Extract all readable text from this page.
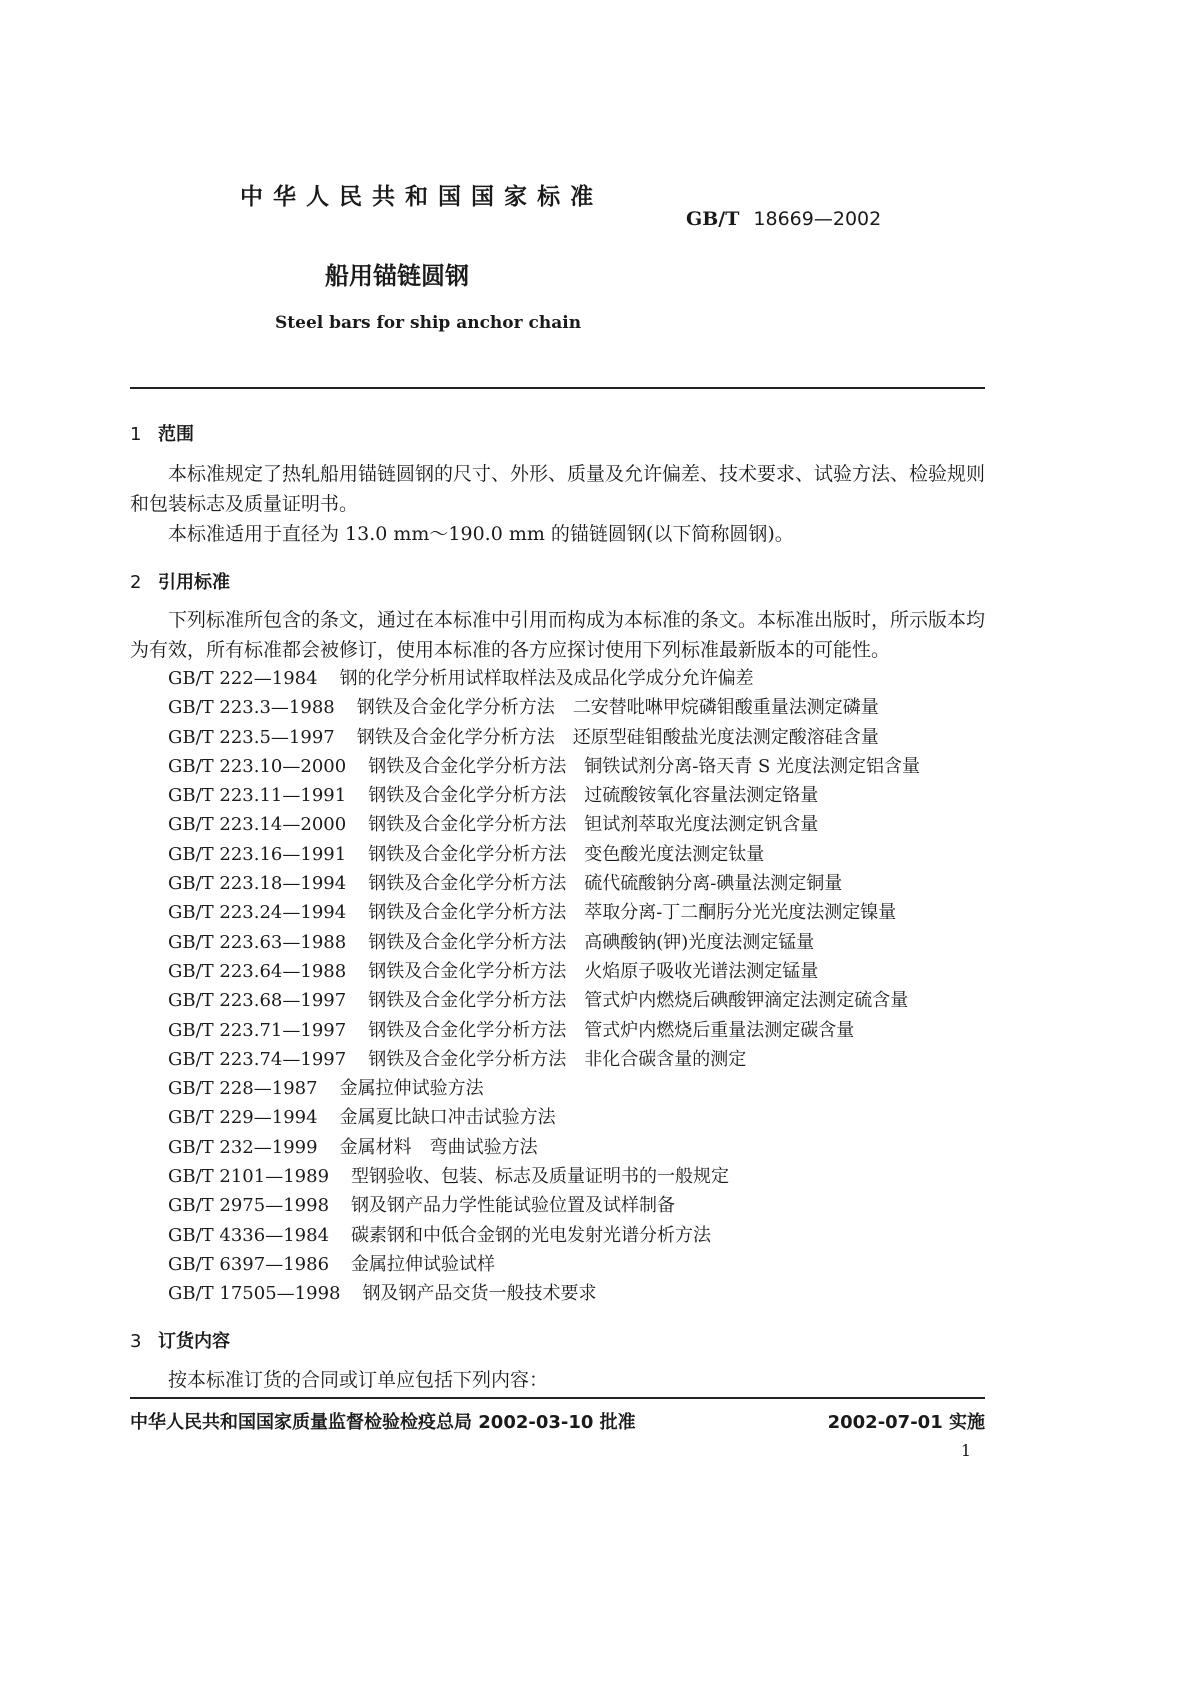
中 华 人 民 共 和 国 国 家 标 准
GB/T 18669—2002
船用锚链圆钢
Steel bars for ship anchor chain
1 范围

本标准规定了热轧船用锚链圆钢的尺寸、外形、质量及允许偏差、技术要求、试验方法、检验规则和包装标志及质量证明书。

本标准适用于直径为 13.0 mm～190.0 mm 的锚链圆钢(以下简称圆钢)。

2 引用标准

下列标准所包含的条文，通过在本标准中引用而构成为本标准的条文。本标准出版时，所示版本均为有效，所有标准都会被修订，使用本标准的各方应探讨使用下列标准最新版本的可能性。

GB/T 222—1984 钢的化学分析用试样取样法及成品化学成分允许偏差
GB/T 223.3—1988 钢铁及合金化学分析方法　二安替吡啉甲烷磷钼酸重量法测定磷量
GB/T 223.5—1997 钢铁及合金化学分析方法　还原型硅钼酸盐光度法测定酸溶硅含量
GB/T 223.10—2000 钢铁及合金化学分析方法　铜铁试剂分离-铬天青 S 光度法测定铝含量
GB/T 223.11—1991 钢铁及合金化学分析方法　过硫酸铵氧化容量法测定铬量
GB/T 223.14—2000 钢铁及合金化学分析方法　钽试剂萃取光度法测定钒含量
GB/T 223.16—1991 钢铁及合金化学分析方法　变色酸光度法测定钛量
GB/T 223.18—1994 钢铁及合金化学分析方法　硫代硫酸钠分离-碘量法测定铜量
GB/T 223.24—1994 钢铁及合金化学分析方法　萃取分离-丁二酮肟分光光度法测定镍量
GB/T 223.63—1988 钢铁及合金化学分析方法　高碘酸钠(钾)光度法测定锰量
GB/T 223.64—1988 钢铁及合金化学分析方法　火焰原子吸收光谱法测定锰量
GB/T 223.68—1997 钢铁及合金化学分析方法　管式炉内燃烧后碘酸钾滴定法测定硫含量
GB/T 223.71—1997 钢铁及合金化学分析方法　管式炉内燃烧后重量法测定碳含量
GB/T 223.74—1997 钢铁及合金化学分析方法　非化合碳含量的测定
GB/T 228—1987 金属拉伸试验方法
GB/T 229—1994 金属夏比缺口冲击试验方法
GB/T 232—1999 金属材料　弯曲试验方法
GB/T 2101—1989 型钢验收、包装、标志及质量证明书的一般规定
GB/T 2975—1998 钢及钢产品力学性能试验位置及试样制备
GB/T 4336—1984 碳素钢和中低合金钢的光电发射光谱分析方法
GB/T 6397—1986 金属拉伸试验试样
GB/T 17505—1998 钢及钢产品交货一般技术要求
3 订货内容

按本标准订货的合同或订单应包括下列内容：

中华人民共和国国家质量监督检验检疫总局 2002-03-10 批准	2002-07-01 实施
1
